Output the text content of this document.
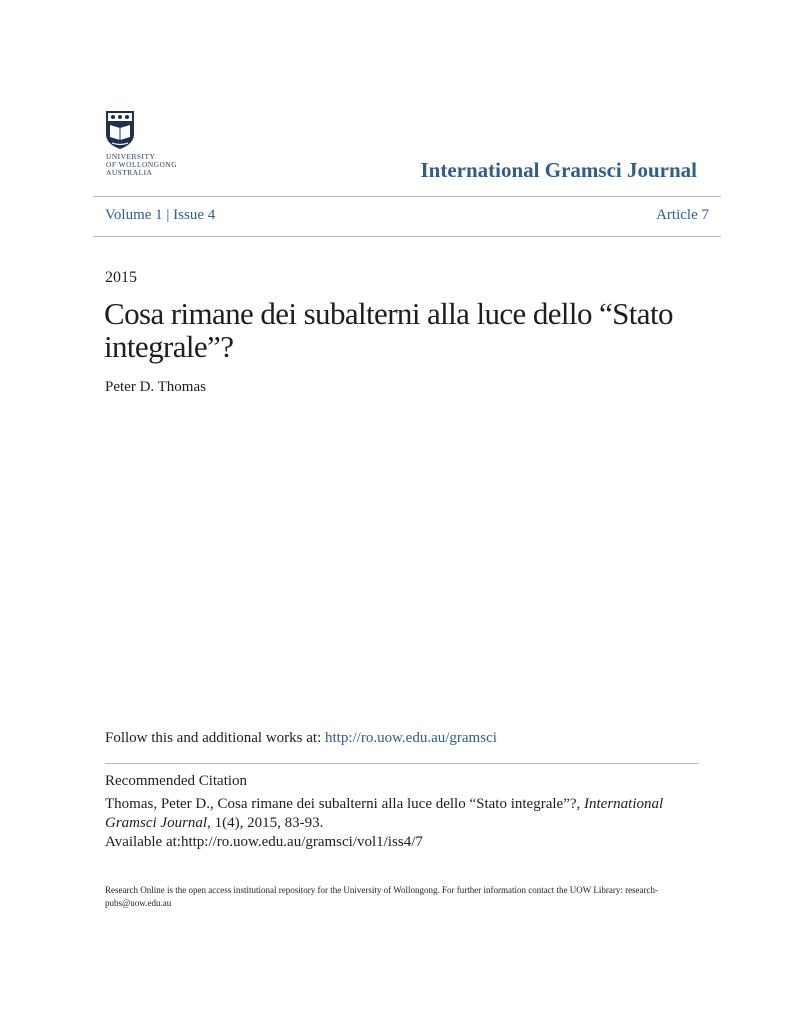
UNIVERSITY
OF WOLLONGONG
AUSTRALIA	International Gramsci Journal
Volume 1 | Issue 4	Article 7
2015
Cosa rimane dei subalterni alla luce dello “Stato integrale”?
Peter D. Thomas
Follow this and additional works at: http://ro.uow.edu.au/gramsci
Recommended Citation
Thomas, Peter D., Cosa rimane dei subalterni alla luce dello “Stato integrale”?, International Gramsci Journal, 1(4), 2015, 83-93.
Available at:http://ro.uow.edu.au/gramsci/vol1/iss4/7
Research Online is the open access institutional repository for the University of Wollongong. For further information contact the UOW Library: research-pubs@uow.edu.au
